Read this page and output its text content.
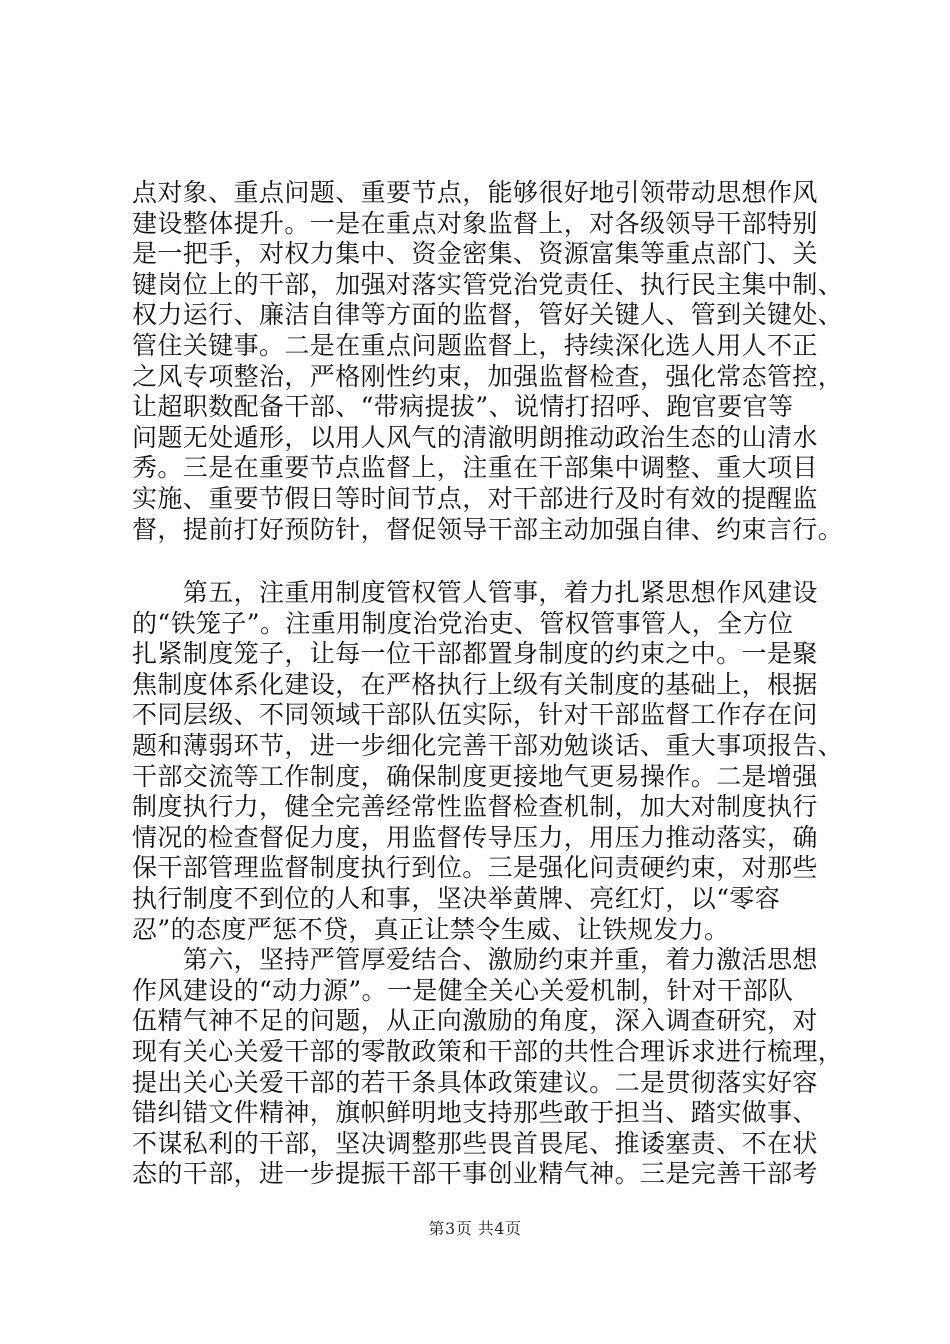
点对象、重点问题、重要节点，能够很好地引领带动思想作风
建设整体提升。一是在重点对象监督上，对各级领导干部特别
是一把手，对权力集中、资金密集、资源富集等重点部门、关
键岗位上的干部，加强对落实管党治党责任、执行民主集中制、
权力运行、廉洁自律等方面的监督，管好关键人、管到关键处、
管住关键事。二是在重点问题监督上，持续深化选人用人不正
之风专项整治，严格刚性约束，加强监督检查，强化常态管控，
让超职数配备干部、“带病提拔”、说情打招呼、跑官要官等
问题无处遁形，以用人风气的清澈明朗推动政治生态的山清水
秀。三是在重要节点监督上，注重在干部集中调整、重大项目
实施、重要节假日等时间节点，对干部进行及时有效的提醒监
督，提前打好预防针，督促领导干部主动加强自律、约束言行。
　　第五，注重用制度管权管人管事，着力扎紧思想作风建设
的“铁笼子”。注重用制度治党治吏、管权管事管人，全方位
扎紧制度笼子，让每一位干部都置身制度的约束之中。一是聚
焦制度体系化建设，在严格执行上级有关制度的基础上，根据
不同层级、不同领域干部队伍实际，针对干部监督工作存在问
题和薄弱环节，进一步细化完善干部劝勉谈话、重大事项报告、
干部交流等工作制度，确保制度更接地气更易操作。二是增强
制度执行力，健全完善经常性监督检查机制，加大对制度执行
情况的检查督促力度，用监督传导压力，用压力推动落实，确
保干部管理监督制度执行到位。三是强化问责硬约束，对那些
执行制度不到位的人和事，坚决举黄牌、亮红灯，以“零容
忍”的态度严惩不贷，真正让禁令生威、让铁规发力。
　　第六，坚持严管厚爱结合、激励约束并重，着力激活思想
作风建设的“动力源”。一是健全关心关爱机制，针对干部队
伍精气神不足的问题，从正向激励的角度，深入调查研究，对
现有关心关爱干部的零散政策和干部的共性合理诉求进行梳理，
提出关心关爱干部的若干条具体政策建议。二是贯彻落实好容
错纠错文件精神，旗帜鲜明地支持那些敢于担当、踏实做事、
不谋私利的干部，坚决调整那些畏首畏尾、推诿塞责、不在状
态的干部，进一步提振干部干事创业精气神。三是完善干部考
第3页 共4页
